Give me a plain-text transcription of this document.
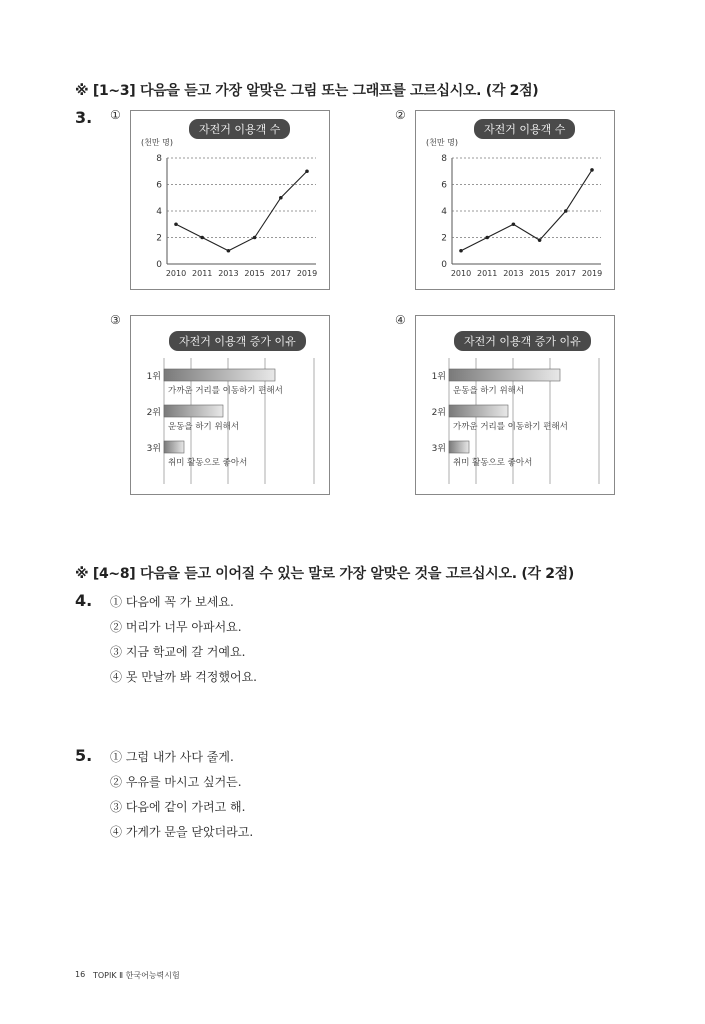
※ [1~3] 다음을 듣고 가장 알맞은 그림 또는 그래프를 고르십시오. (각 2점)
3. ①	②
③	④
자전거 이용객 수
(천만 명)
0
2
4
6
8
2010 2011 2013 2015 2017 2019
자전거 이용객 수
(천만 명)
0
2
4
6
8
2010 2011 2013 2015 2017 2019
자전거 이용객 증가 이유
1위
가까운 거리를 이동하기 편해서
2위
운동을 하기 위해서
3위
취미 활동으로 좋아서
자전거 이용객 증가 이유
1위
운동을 하기 위해서
2위
가까운 거리를 이동하기 편해서
3위
취미 활동으로 좋아서
※ [4~8] 다음을 듣고 이어질 수 있는 말로 가장 알맞은 것을 고르십시오. (각 2점)
4. ① 다음에 꼭 가 보세요.
② 머리가 너무 아파서요.
③ 지금 학교에 갈 거예요.
④ 못 만날까 봐 걱정했어요.
5. ① 그럼 내가 사다 줄게.
② 우유를 마시고 싶거든.
③ 다음에 같이 가려고 해.
④ 가게가 문을 닫았더라고.
16 TOPIK Ⅱ 한국어능력시험
